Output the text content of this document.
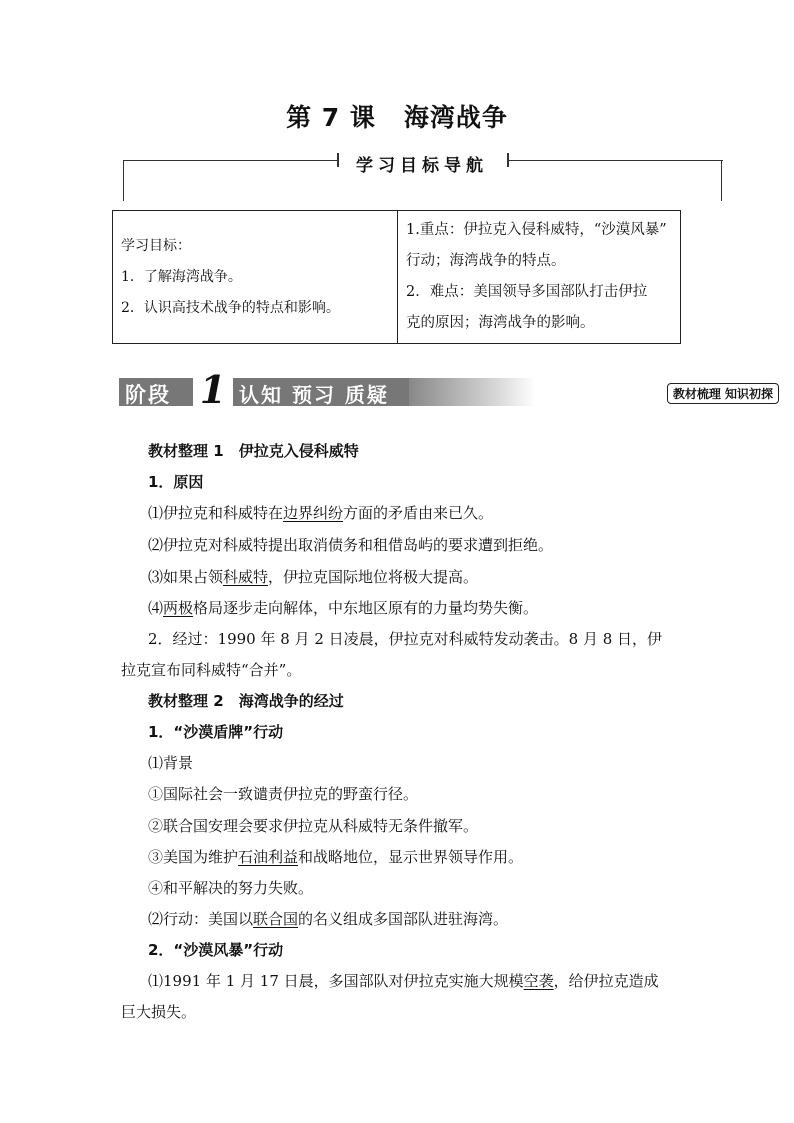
第 7 课 海湾战争
学习目标导航
学习目标：
1．了解海湾战争。
2．认识高技术战争的特点和影响。

1.重点：伊拉克入侵科威特，“沙漠风暴”
行动；海湾战争的特点。
2．难点：美国领导多国部队打击伊拉
克的原因；海湾战争的影响。
阶段 1 认知 预习 质疑	教材梳理 知识初探
教材整理 1　 伊拉克入侵科威特
1．原因
⑴伊拉克和科威特在边界纠纷方面的矛盾由来已久。
⑵伊拉克对科威特提出取消债务和租借岛屿的要求遭到拒绝。
⑶如果占领科威特，伊拉克国际地位将极大提高。
⑷两极格局逐步走向解体，中东地区原有的力量均势失衡。
2．经过：1990 年 8 月 2 日凌晨，伊拉克对科威特发动袭击。8 月 8 日，伊
拉克宣布同科威特“合并”。
教材整理 2　 海湾战争的经过
1．“沙漠盾牌”行动
⑴背景
①国际社会一致谴责伊拉克的野蛮行径。
②联合国安理会要求伊拉克从科威特无条件撤军。
③美国为维护石油利益和战略地位，显示世界领导作用。
④和平解决的努力失败。
⑵行动：美国以联合国的名义组成多国部队进驻海湾。
2．“沙漠风暴”行动
⑴1991 年 1 月 17 日晨，多国部队对伊拉克实施大规模空袭，给伊拉克造成
巨大损失。
